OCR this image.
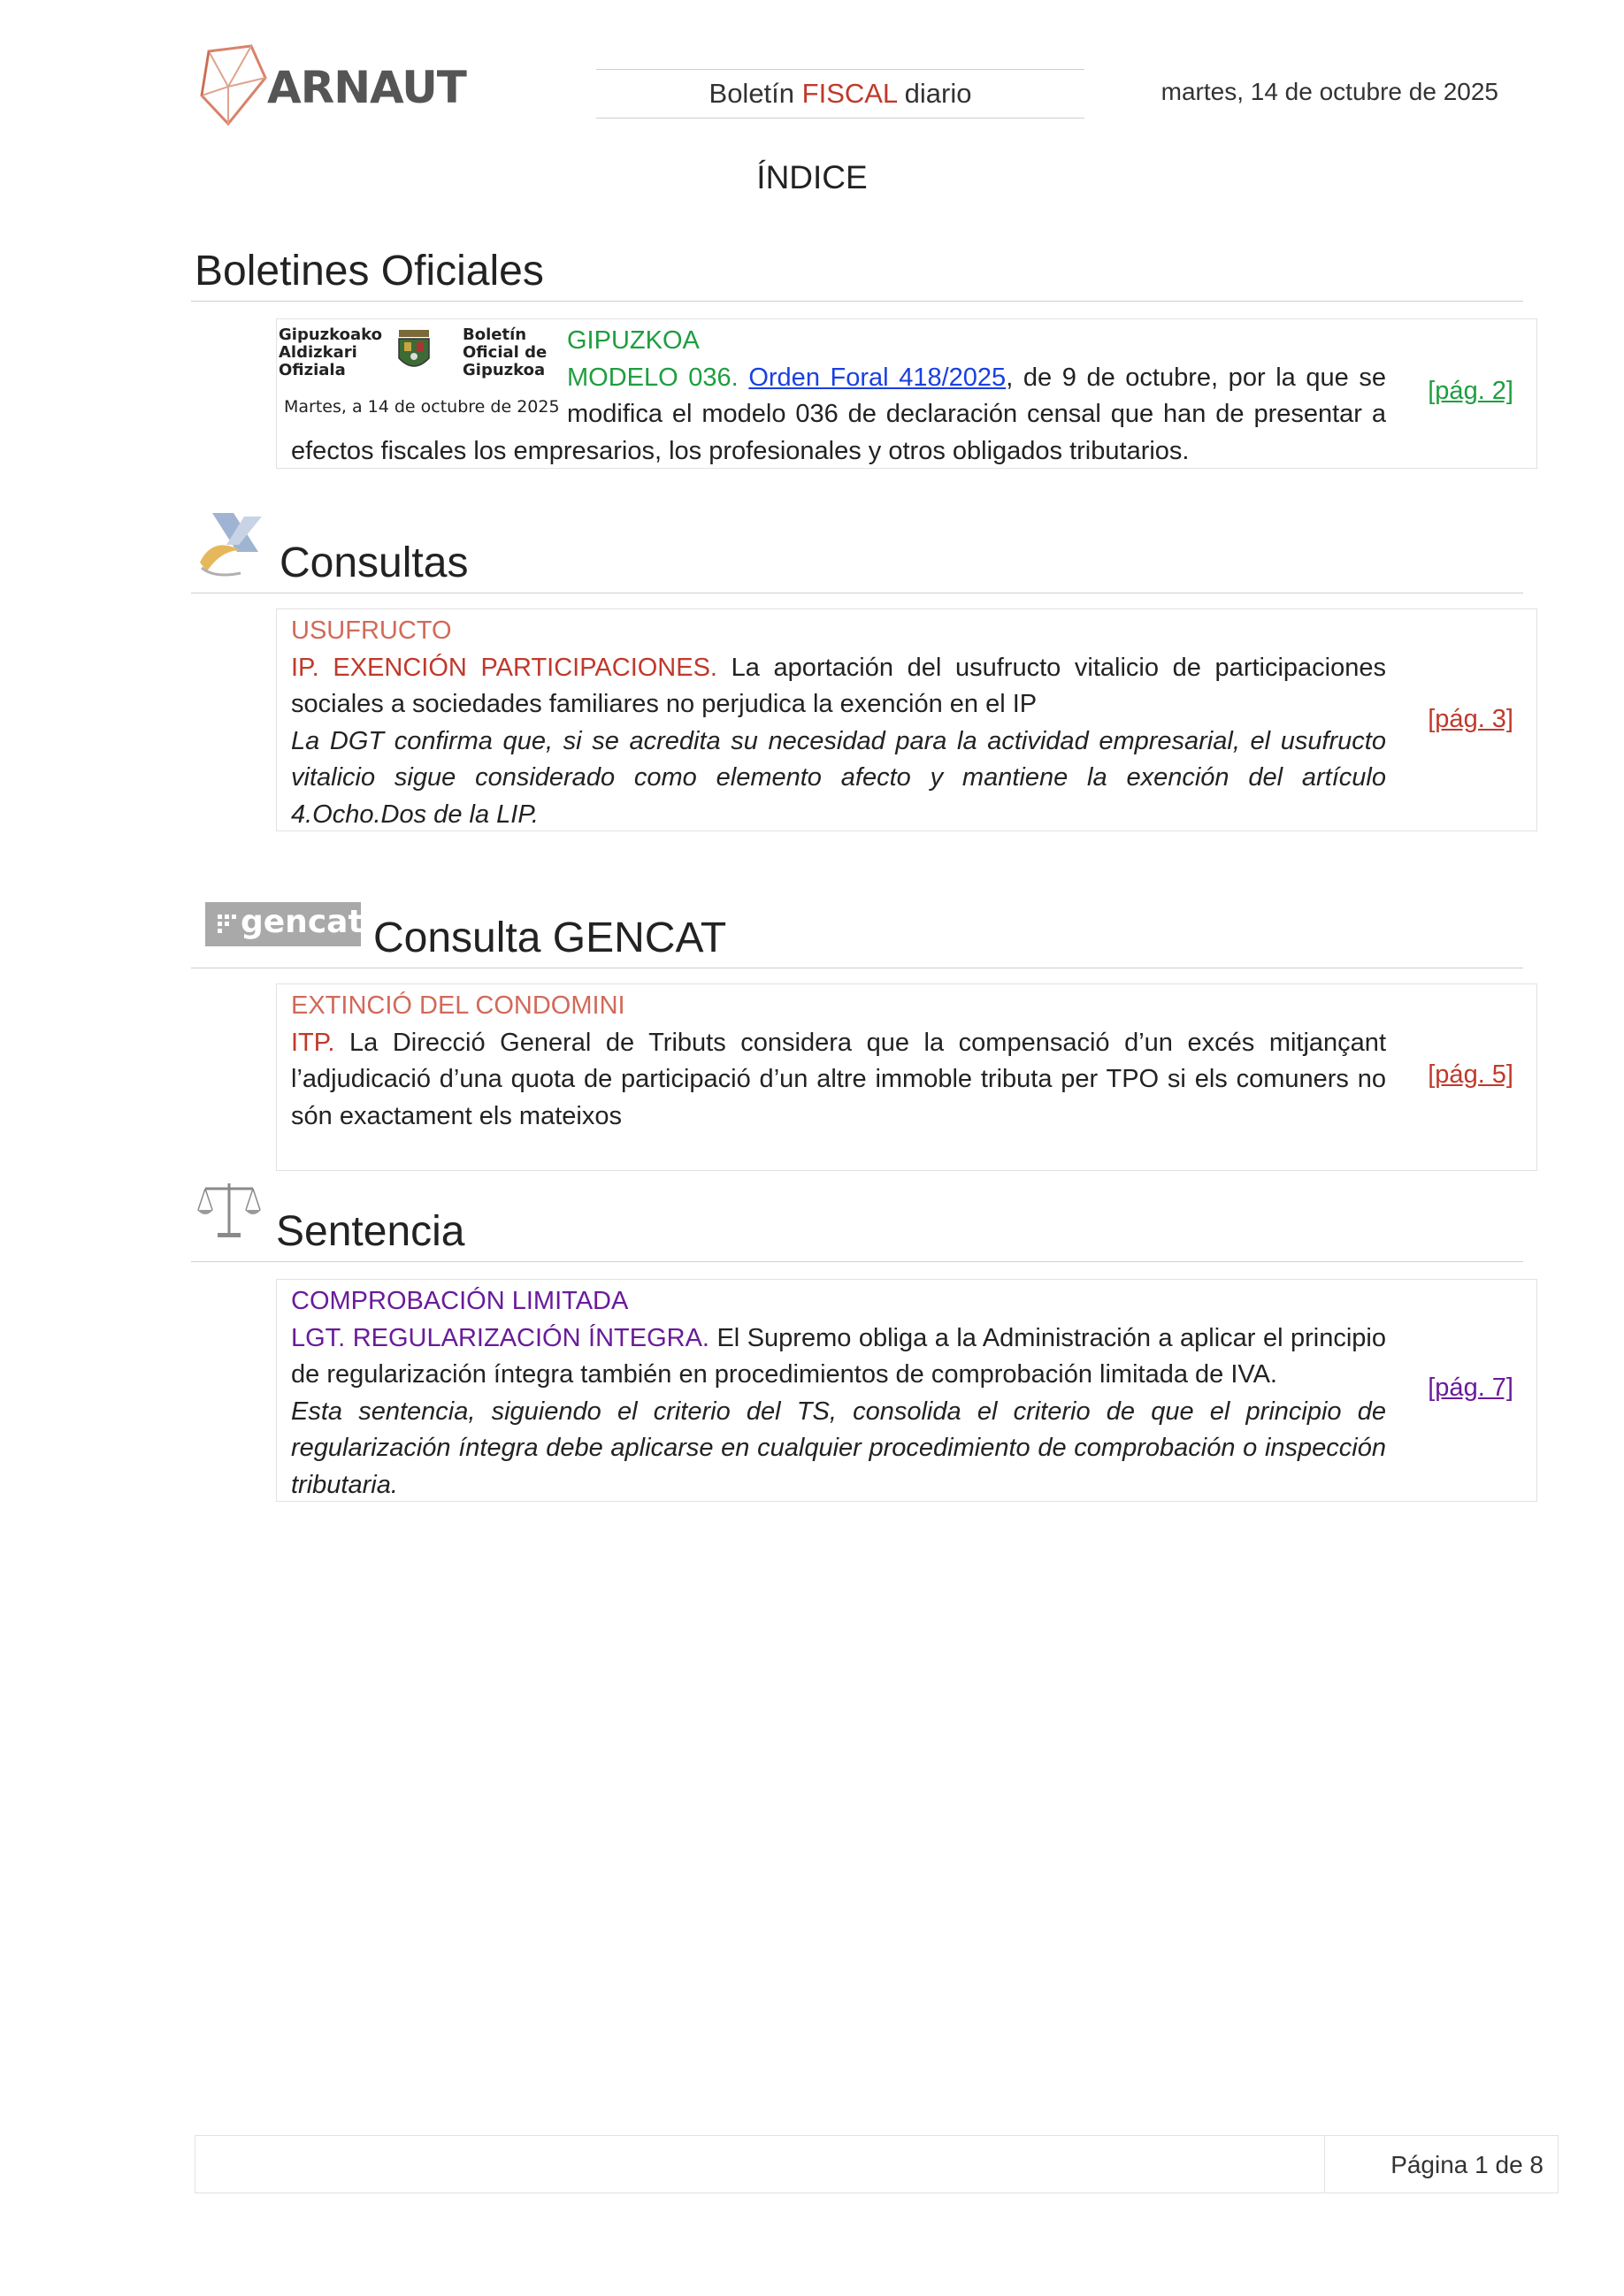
ARNAUT	Boletín FISCAL diario	martes, 14 de octubre de 2025
ÍNDICE
Boletines Oficiales
Gipuzkoako
Aldizkari
Ofiziala
Boletín
Oficial de
Gipuzkoa
Martes, a 14 de octubre de 2025
GIPUZKOA
MODELO 036. Orden Foral 418/2025, de 9 de octubre, por la que se modifica el modelo 036 de declaración censal que han de presentar a efectos fiscales los empresarios, los profesionales y otros obligados tributarios.
[pág. 2]
Consultas
USUFRUCTO
IP. EXENCIÓN PARTICIPACIONES. La aportación del usufructo vitalicio de participaciones sociales a sociedades familiares no perjudica la exención en el IP
La DGT confirma que, si se acredita su necesidad para la actividad empresarial, el usufructo vitalicio sigue considerado como elemento afecto y mantiene la exención del artículo 4.Ocho.Dos de la LIP.
[pág. 3]
gencat Consulta GENCAT
EXTINCIÓ DEL CONDOMINI
ITP. La Direcció General de Tributs considera que la compensació d’un excés mitjançant l’adjudicació d’una quota de participació d’un altre immoble tributa per TPO si els comuners no són exactament els mateixos
[pág. 5]
Sentencia
COMPROBACIÓN LIMITADA
LGT. REGULARIZACIÓN ÍNTEGRA. El Supremo obliga a la Administración a aplicar el principio de regularización íntegra también en procedimientos de comprobación limitada de IVA.
Esta sentencia, siguiendo el criterio del TS, consolida el criterio de que el principio de regularización íntegra debe aplicarse en cualquier procedimiento de comprobación o inspección tributaria.
[pág. 7]
Página 1 de 8
